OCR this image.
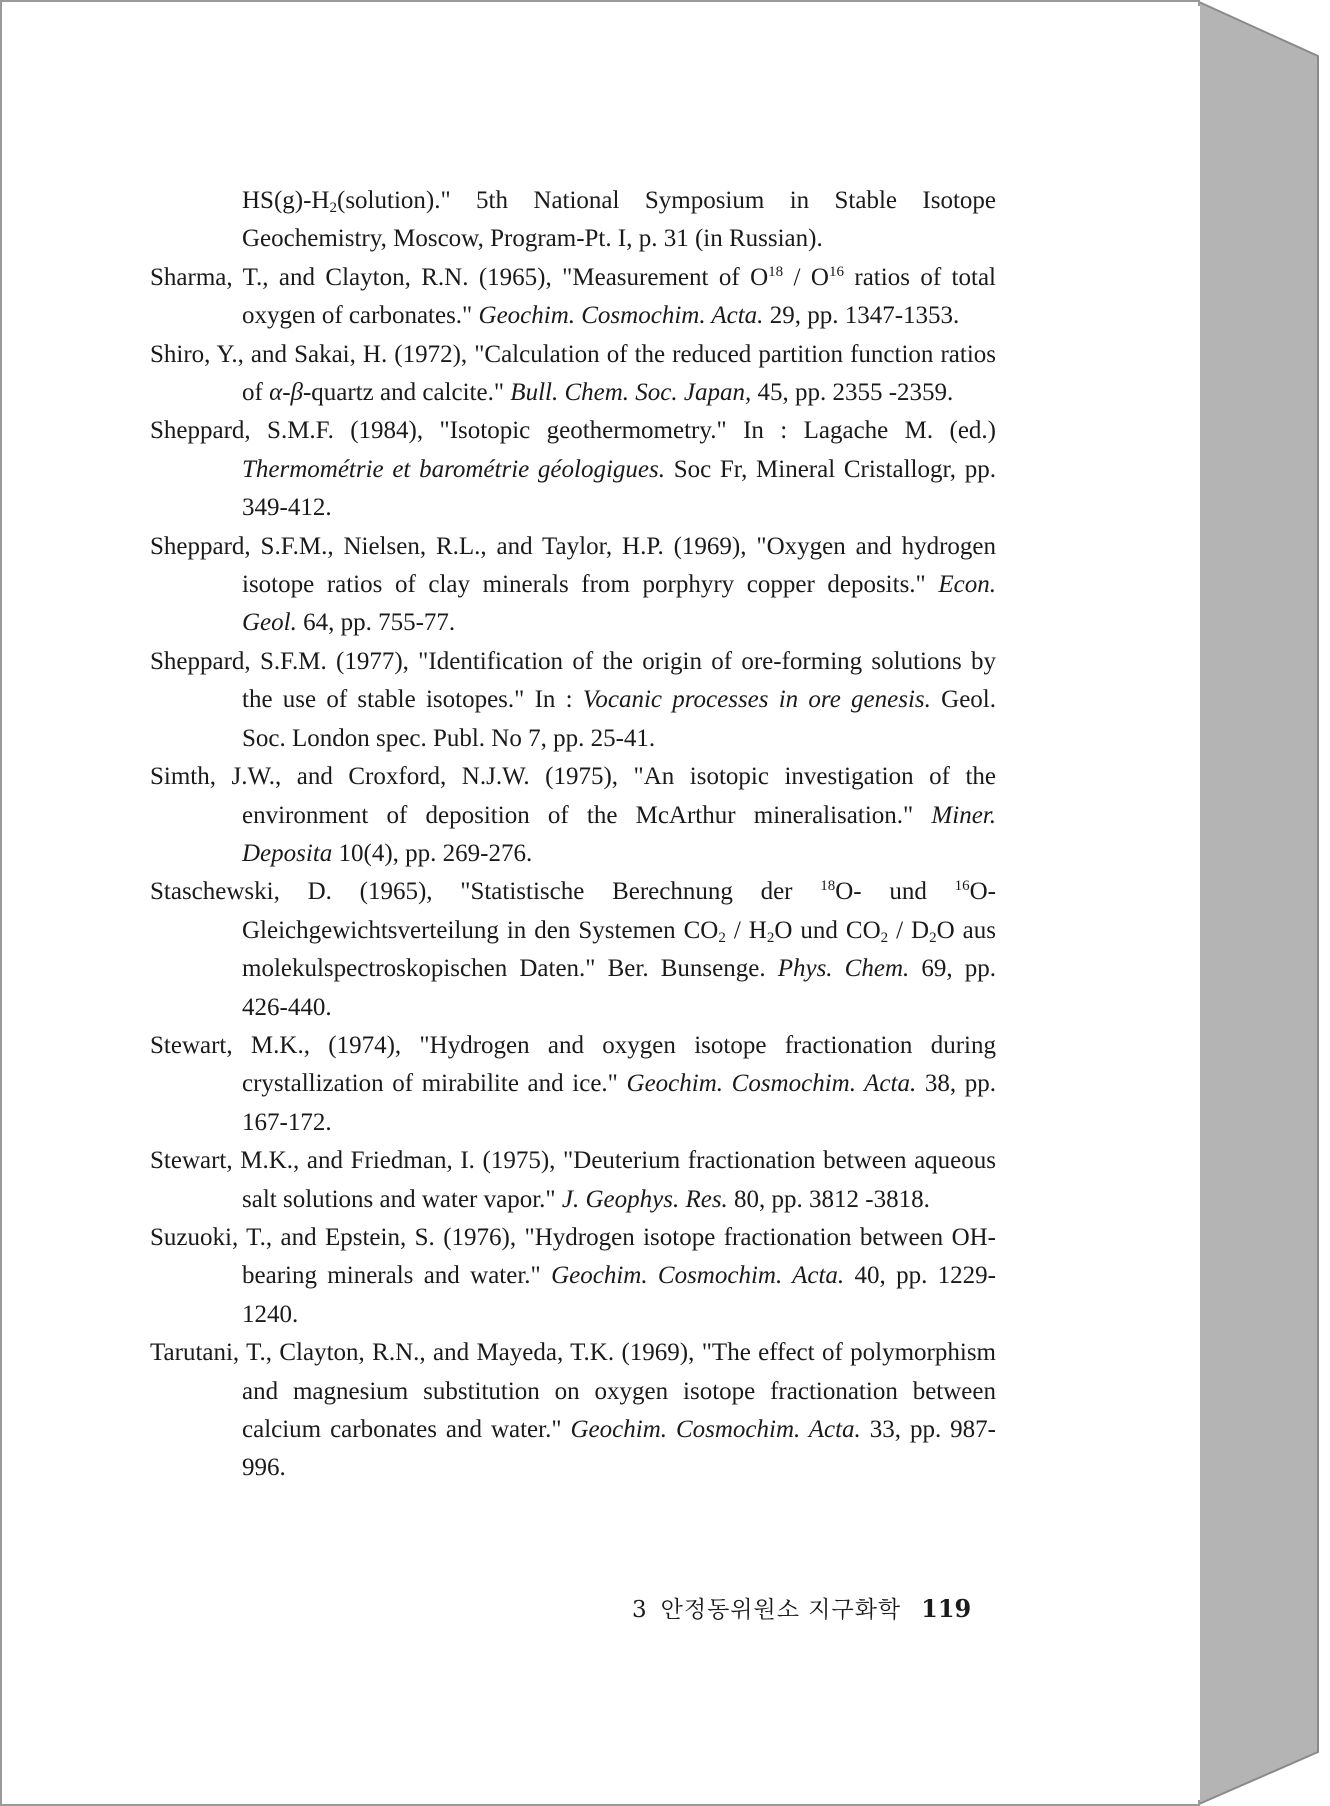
$HS(g)-H_2(solution)$." 5th National Symposium in Stable Isotope Geochemistry, Moscow, Program-Pt. I, p. 31 (in Russian).

Sharma, T., and Clayton, R.N. (1965), "Measurement of $O^{18} / O^{16}$ ratios of total oxygen of carbonates." Geochim. Cosmochim. Acta. 29, pp. 1347-1353.

Shiro, Y., and Sakai, H. (1972), "Calculation of the reduced partition function ratios of α-β-quartz and calcite." Bull. Chem. Soc. Japan, 45, pp. 2355 -2359.

Sheppard, S.M.F. (1984), "Isotopic geothermometry." In : Lagache M. (ed.) Thermométrie et barométrie géologigues. Soc Fr, Mineral Cristallogr, pp. 349-412.

Sheppard, S.F.M., Nielsen, R.L., and Taylor, H.P. (1969), "Oxygen and hydrogen isotope ratios of clay minerals from porphyry copper deposits." Econ. Geol. 64, pp. 755-77.

Sheppard, S.F.M. (1977), "Identification of the origin of ore-forming solutions by the use of stable isotopes." In : Vocanic processes in ore genesis. Geol. Soc. London spec. Publ. No 7, pp. 25-41.

Simth, J.W., and Croxford, N.J.W. (1975), "An isotopic investigation of the environment of deposition of the McArthur mineralisation." Miner. Deposita 10(4), pp. 269-276.

Staschewski, D. (1965), "Statistische Berechnung der $^{18}$O- und $^{16}$O-Gleichgewichtsverteilung in den Systemen $CO_2 / H_2O$ und $CO_2 / D_2O$ aus molekulspectroskopischen Daten." Ber. Bunsenge. Phys. Chem. 69, pp. 426-440.

Stewart, M.K., (1974), "Hydrogen and oxygen isotope fractionation during crystallization of mirabilite and ice." Geochim. Cosmochim. Acta. 38, pp. 167-172.

Stewart, M.K., and Friedman, I. (1975), "Deuterium fractionation between aqueous salt solutions and water vapor." J. Geophys. Res. 80, pp. 3812 -3818.

Suzuoki, T., and Epstein, S. (1976), "Hydrogen isotope fractionation between OH-bearing minerals and water." Geochim. Cosmochim. Acta. 40, pp. 1229-1240.

Tarutani, T., Clayton, R.N., and Mayeda, T.K. (1969), "The effect of polymorphism and magnesium substitution on oxygen isotope fractionation between calcium carbonates and water." Geochim. Cosmochim. Acta. 33, pp. 987-996.

3 안정동위원소 지구화학 119
